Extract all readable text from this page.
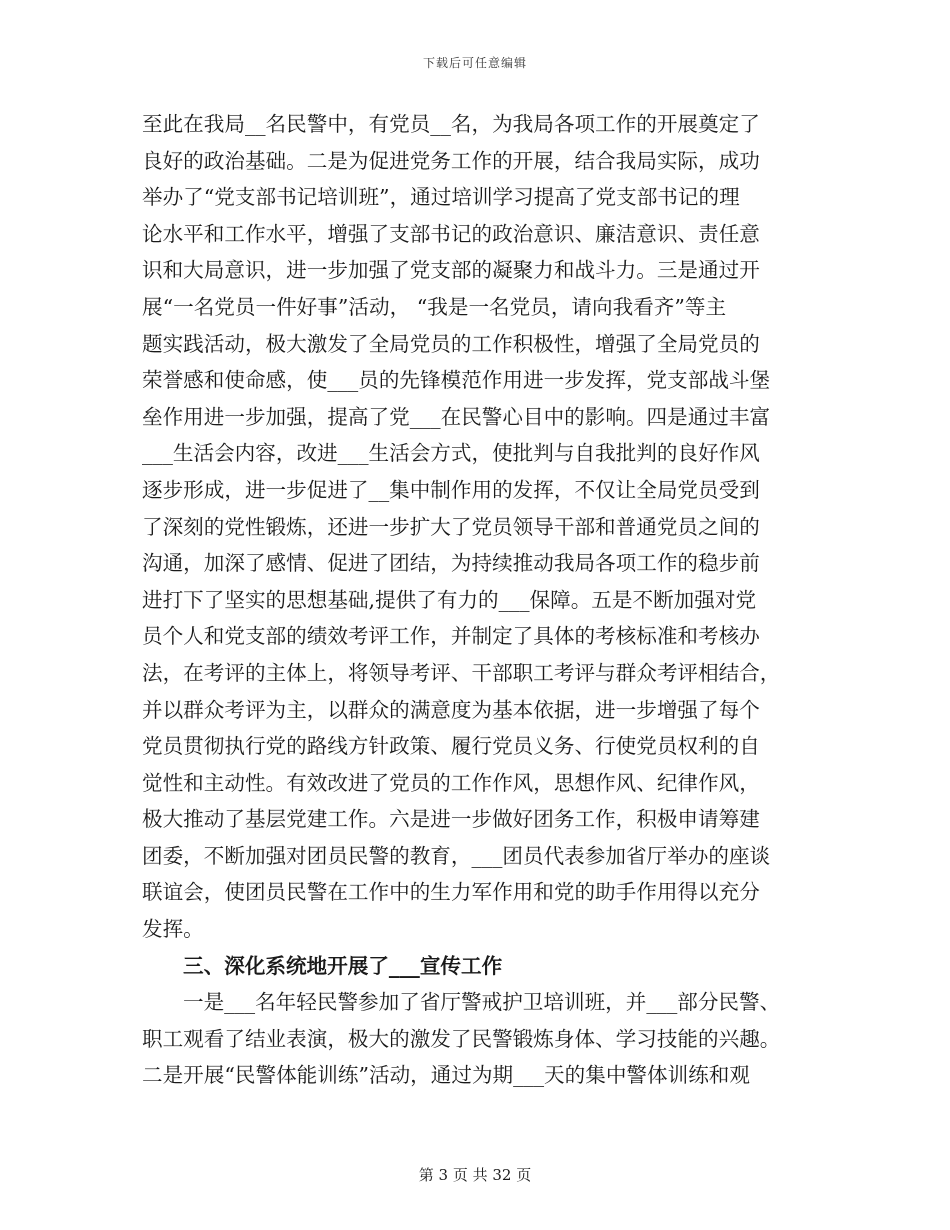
下载后可任意编辑
至此在我局__名民警中，有党员__名，为我局各项工作的开展奠定了
良好的政治基础。二是为促进党务工作的开展，结合我局实际，成功
举办了“党支部书记培训班”，通过培训学习提高了党支部书记的理
论水平和工作水平，增强了支部书记的政治意识、廉洁意识、责任意
识和大局意识，进一步加强了党支部的凝聚力和战斗力。三是通过开
展“一名党员一件好事”活动， “我是一名党员，请向我看齐”等主
题实践活动，极大激发了全局党员的工作积极性，增强了全局党员的
荣誉感和使命感，使___员的先锋模范作用进一步发挥，党支部战斗堡
垒作用进一步加强，提高了党___在民警心目中的影响。四是通过丰富
___生活会内容，改进___生活会方式，使批判与自我批判的良好作风
逐步形成，进一步促进了__集中制作用的发挥，不仅让全局党员受到
了深刻的党性锻炼，还进一步扩大了党员领导干部和普通党员之间的
沟通，加深了感情、促进了团结，为持续推动我局各项工作的稳步前
进打下了坚实的思想基础,提供了有力的___保障。五是不断加强对党
员个人和党支部的绩效考评工作，并制定了具体的考核标准和考核办
法，在考评的主体上，将领导考评、干部职工考评与群众考评相结合，
并以群众考评为主，以群众的满意度为基本依据，进一步增强了每个
党员贯彻执行党的路线方针政策、履行党员义务、行使党员权利的自
觉性和主动性。有效改进了党员的工作作风，思想作风、纪律作风，
极大推动了基层党建工作。六是进一步做好团务工作，积极申请筹建
团委，不断加强对团员民警的教育，___团员代表参加省厅举办的座谈
联谊会，使团员民警在工作中的生力军作用和党的助手作用得以充分
发挥。
三、深化系统地开展了___宣传工作
一是___名年轻民警参加了省厅警戒护卫培训班，并___部分民警、
职工观看了结业表演，极大的激发了民警锻炼身体、学习技能的兴趣。
二是开展“民警体能训练”活动，通过为期___天的集中警体训练和观
第 3 页 共 32 页
